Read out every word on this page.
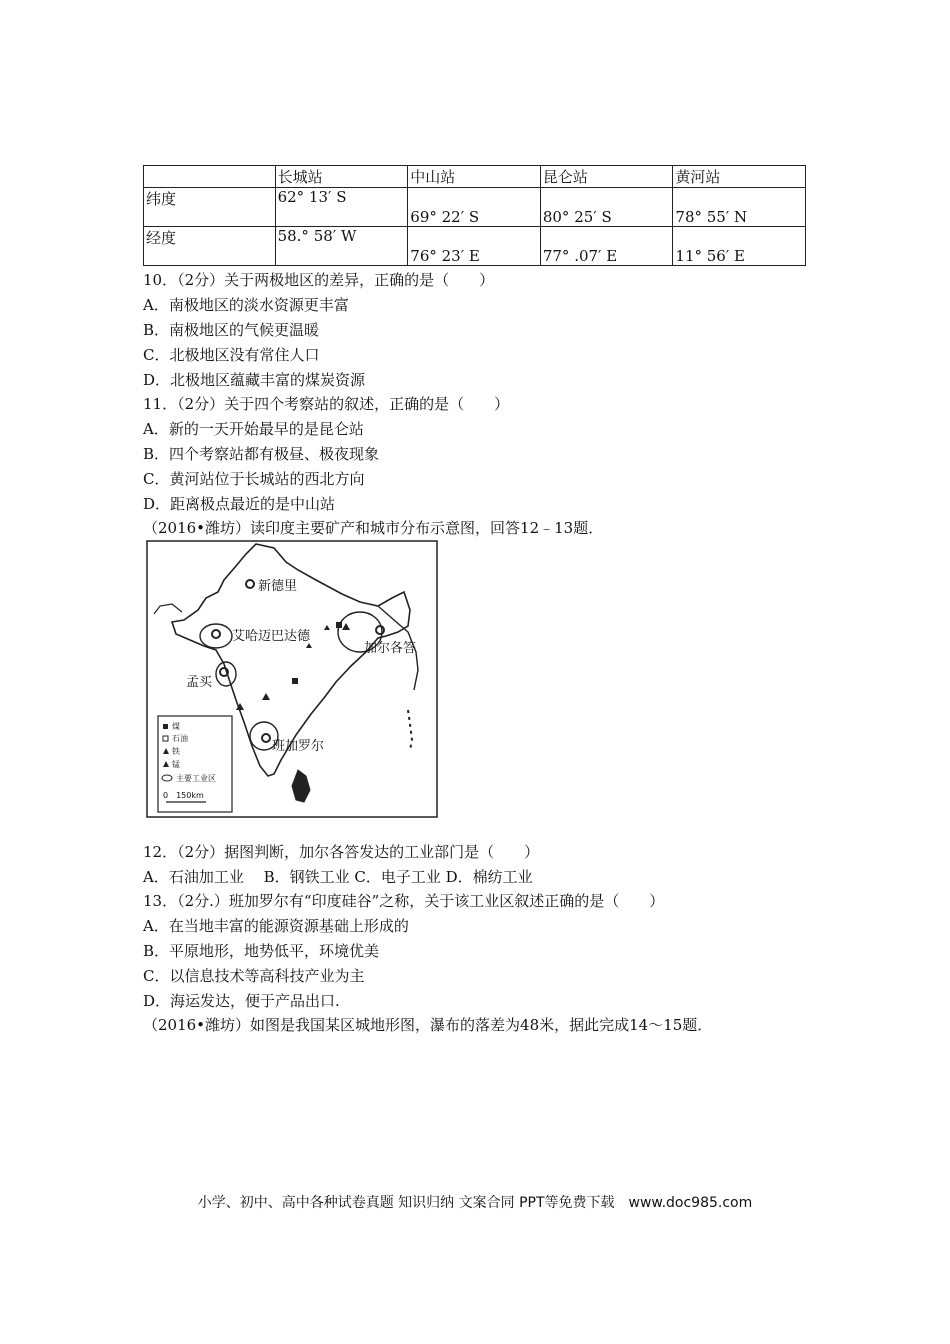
	长城站	中山站	昆仑站	黄河站
纬度	62° 13′ S	69° 22′ S	80° 25′ S	78° 55′ N

经度	58.° 58′ W	76° 23′ E	77° .07′ E	11° 56′ E
10．（2分）关于两极地区的差异，正确的是（　　）
A．南极地区的淡水资源更丰富
B．南极地区的气候更温暖
C．北极地区没有常住人口
D．北极地区蕴藏丰富的煤炭资源
11．（2分）关于四个考察站的叙述，正确的是（　　）
A．新的一天开始最早的是昆仑站
B．四个考察站都有极昼、极夜现象
C．黄河站位于长城站的西北方向
D．距离极点最近的是中山站
（2016•潍坊）读印度主要矿产和城市分布示意图，回答12﹣13题．
12．（2分）据图判断，加尔各答发达的工业部门是（　　）
A．石油加工业　 B．钢铁工业 C．电子工业 D．棉纺工业
13．（2分.）班加罗尔有“印度硅谷”之称，关于该工业区叙述正确的是（　　）
A．在当地丰富的能源资源基础上形成的
B．平原地形，地势低平，环境优美
C．以信息技术等高科技产业为主
D．海运发达，便于产品出口.
（2016•潍坊）如图是我国某区城地形图，瀑布的落差为48米，据此完成14～15题．
新德里
艾哈迈巴达德
加尔各答
孟买
班加罗尔
煤
石油
铁
锰
主要工业区
0　150km
小学、初中、高中各种试卷真题 知识归纳 文案合同 PPT等免费下载　www.doc985.com
